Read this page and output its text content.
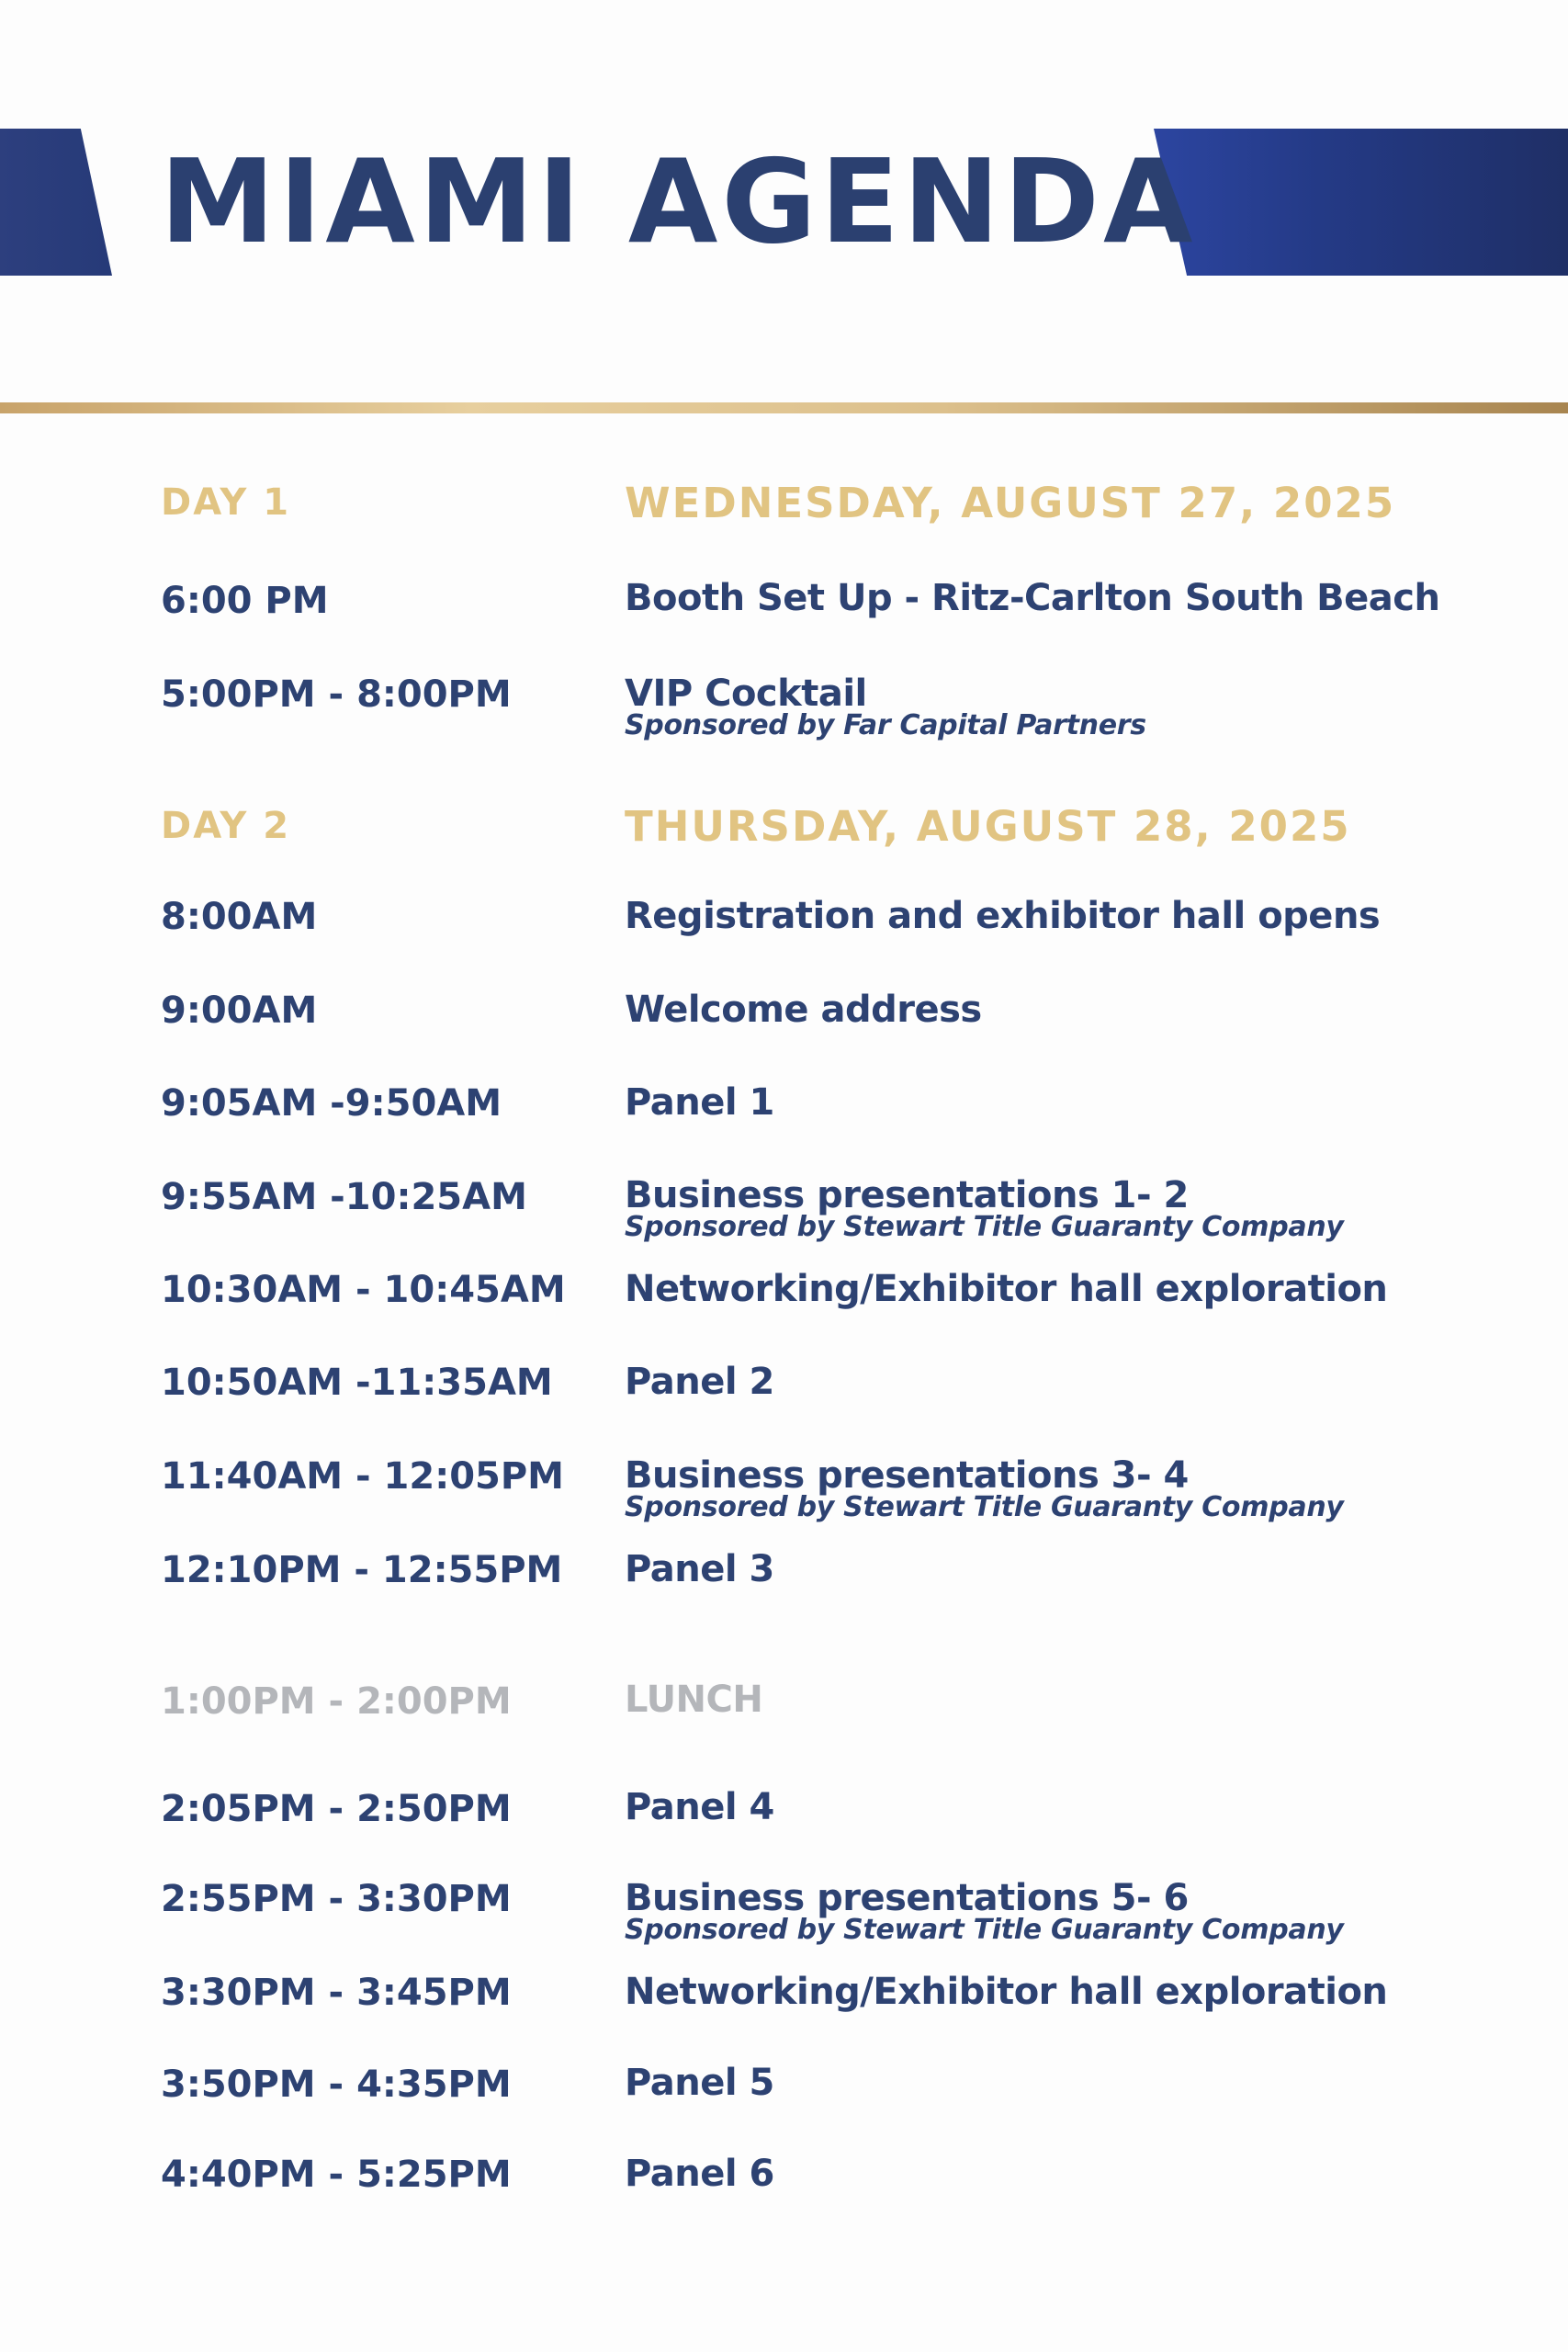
MIAMI AGENDA
DAY 1	WEDNESDAY, AUGUST 27, 2025
6:00 PM	Booth Set Up - Ritz-Carlton South Beach
5:00PM - 8:00PM	VIP Cocktail
Sponsored by Far Capital Partners
DAY 2	THURSDAY, AUGUST 28, 2025
8:00AM	Registration and exhibitor hall opens
9:00AM	Welcome address
9:05AM -9:50AM	Panel 1
9:55AM -10:25AM	Business presentations 1- 2
Sponsored by Stewart Title Guaranty Company
10:30AM - 10:45AM Networking/Exhibitor hall exploration
10:50AM -11:35AM Panel 2
11:40AM - 12:05PM Business presentations 3- 4
Sponsored by Stewart Title Guaranty Company
12:10PM - 12:55PM Panel 3
1:00PM - 2:00PM	LUNCH
2:05PM - 2:50PM	Panel 4
2:55PM - 3:30PM	Business presentations 5- 6
Sponsored by Stewart Title Guaranty Company
3:30PM - 3:45PM	Networking/Exhibitor hall exploration
3:50PM - 4:35PM	Panel 5
4:40PM - 5:25PM	Panel 6
